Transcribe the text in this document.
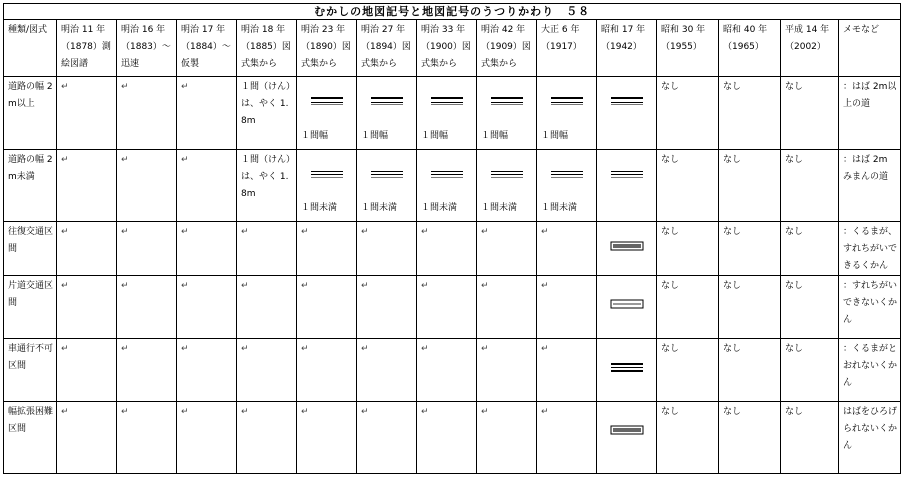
むかしの地図記号と地図記号のうつりかわり　５８														
種類/図式	明治 11 年（1878）測絵図譜	明治 16 年（1883）〜迅速	明治 17 年（1884）〜仮製	明治 18 年（1885）図式集から	明治 23 年（1890）図式集から	明治 27 年（1894）図式集から	明治 33 年（1900）図式集から	明治 42 年（1909）図式集から	大正 6 年（1917）	昭和 17 年（1942）	昭和 30 年（1955）	昭和 40 年（1965）	平成 14 年（2002）	メモなど
道路の幅 2m以上	↵	↵	↵	１間（けん）は、やく 1.8m	１間幅	１間幅	１間幅	１間幅	１間幅		なし	なし	なし	：はば 2m以上の道
道路の幅 2m未満	↵	↵	↵	１間（けん）は、やく 1.8m	１間未満	１間未満	１間未満	１間未満	１間未満		なし	なし	なし	：はば 2m みまんの道
往復交通区間	↵	↵	↵	↵	↵	↵	↵	↵	↵		なし	なし	なし	：くるまが、すれちがいできるくかん
片道交通区間	↵	↵	↵	↵	↵	↵	↵	↵	↵		なし	なし	なし	：すれちがいできないくかん
車通行不可区間	↵	↵	↵	↵	↵	↵	↵	↵	↵		なし	なし	なし	：くるまがとおれないくかん
幅拡張困難区間	↵	↵	↵	↵	↵	↵	↵	↵	↵		なし	なし	なし	はばをひろげられないくかん
